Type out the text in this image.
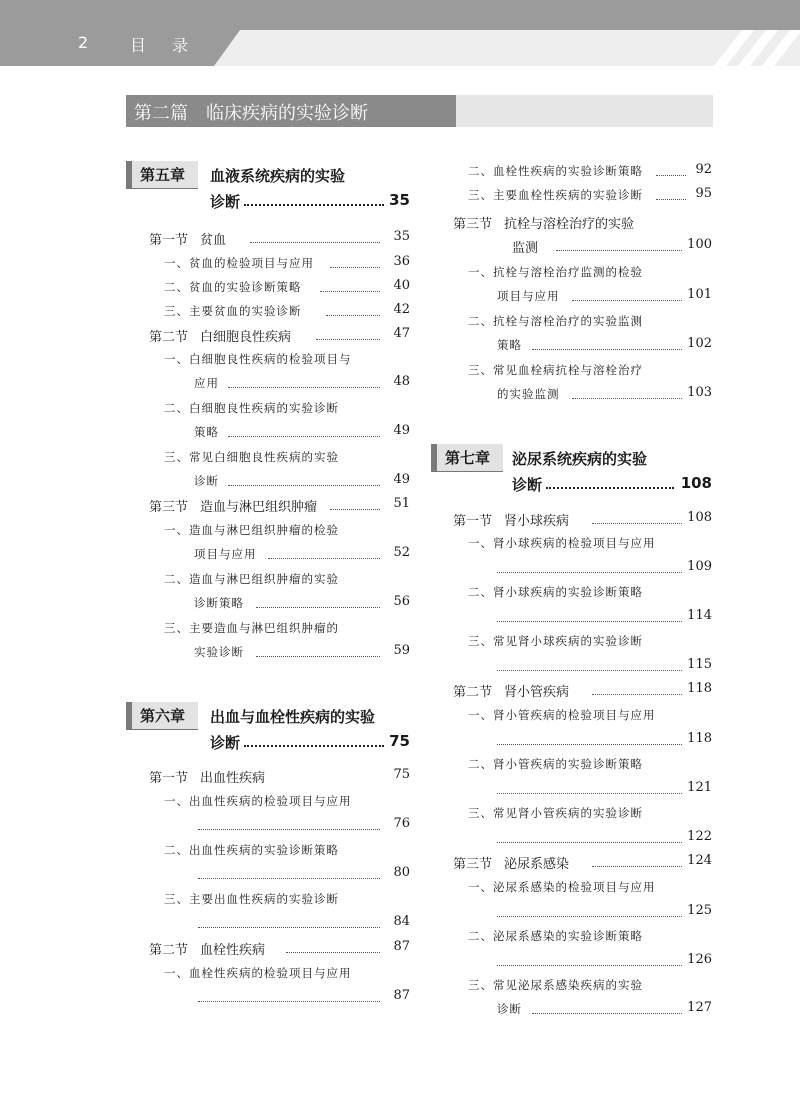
2	目录
第二篇 临床疾病的实验诊断
第五章	血液系统疾病的实验
诊断	35
第一节 贫血	35
一、贫血的检验项目与应用	36
二、贫血的实验诊断策略	40
三、主要贫血的实验诊断	42
第二节 白细胞良性疾病	47
一、白细胞良性疾病的检验项目与
应用	48
二、白细胞良性疾病的实验诊断
策略	49
三、常见白细胞良性疾病的实验
诊断	49
第三节 造血与淋巴组织肿瘤	51
一、造血与淋巴组织肿瘤的检验
项目与应用	52
二、造血与淋巴组织肿瘤的实验
诊断策略	56
三、主要造血与淋巴组织肿瘤的
实验诊断	59
第六章	出血与血栓性疾病的实验
诊断	75
第一节 出血性疾病	75
一、出血性疾病的检验项目与应用
76
二、出血性疾病的实验诊断策略
80
三、主要出血性疾病的实验诊断
84
第二节 血栓性疾病	87
一、血栓性疾病的检验项目与应用
87
二、血栓性疾病的实验诊断策略	92
三、主要血栓性疾病的实验诊断	95
第三节 抗栓与溶栓治疗的实验
监测	100
一、抗栓与溶栓治疗监测的检验
项目与应用	101
二、抗栓与溶栓治疗的实验监测
策略	102
三、常见血栓病抗栓与溶栓治疗
的实验监测	103
第七章	泌尿系统疾病的实验
诊断	108
第一节 肾小球疾病	108
一、肾小球疾病的检验项目与应用
109
二、肾小球疾病的实验诊断策略
114
三、常见肾小球疾病的实验诊断
115
第二节 肾小管疾病	118
一、肾小管疾病的检验项目与应用
118
二、肾小管疾病的实验诊断策略
121
三、常见肾小管疾病的实验诊断
122
第三节 泌尿系感染	124
一、泌尿系感染的检验项目与应用
125
二、泌尿系感染的实验诊断策略
126
三、常见泌尿系感染疾病的实验
诊断	127
